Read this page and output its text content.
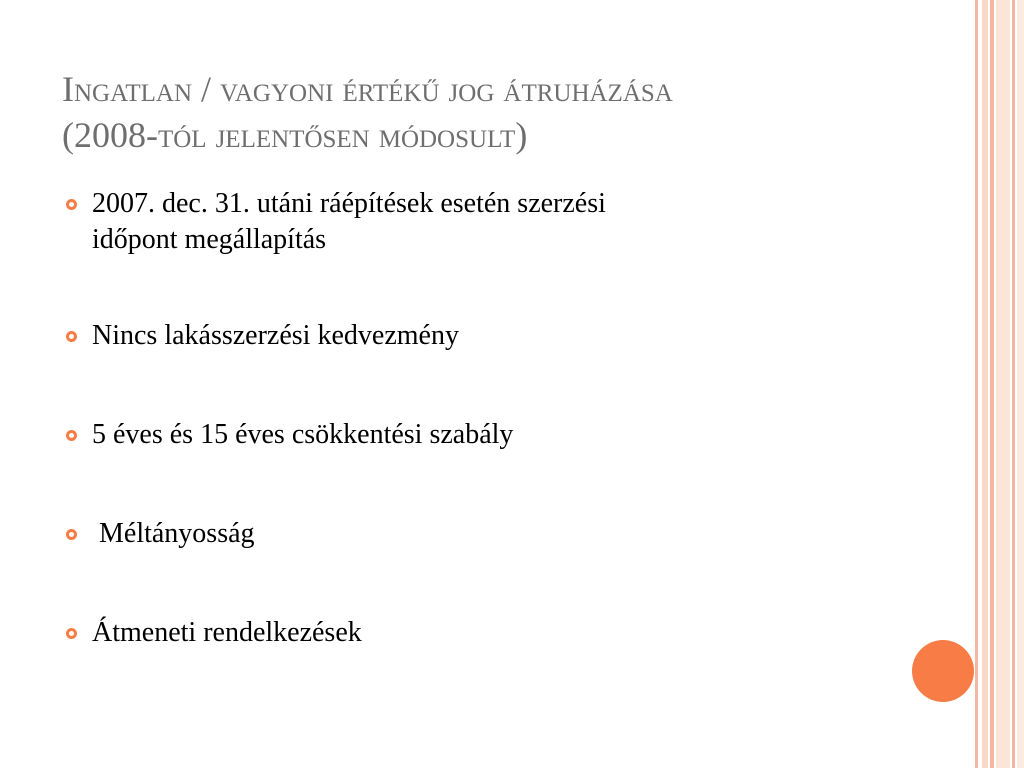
Ingatlan / vagyoni értékű jog átruházása
(2008-tól jelentősen módosult)
2007. dec. 31. utáni ráépítések esetén szerzési
időpont megállapítás
Nincs lakásszerzési kedvezmény
5 éves és 15 éves csökkentési szabály
Méltányosság
Átmeneti rendelkezések
